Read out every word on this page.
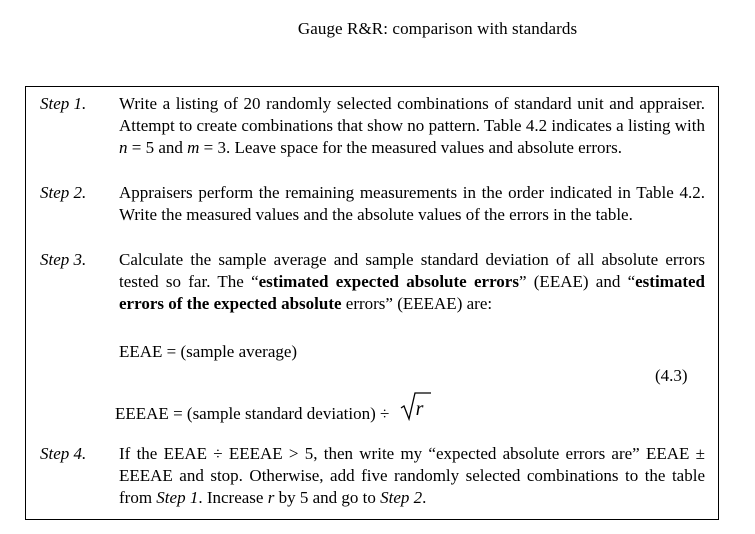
Gauge R&R: comparison with standards
Step 1. Write a listing of 20 randomly selected combinations of standard unit and appraiser. Attempt to create combinations that show no pattern. Table 4.2 indicates a listing with n = 5 and m = 3. Leave space for the measured values and absolute errors.
Step 2. Appraisers perform the remaining measurements in the order indicated in Table 4.2. Write the measured values and the absolute values of the errors in the table.
Step 3. Calculate the sample average and sample standard deviation of all absolute errors tested so far. The “estimated expected absolute errors” (EEAE) and “estimated errors of the expected absolute errors” (EEEAE) are:
EEAE = (sample average)
(4.3)
EEEAE = (sample standard deviation) ÷ r
Step 4. If the EEAE ÷ EEEAE > 5, then write my “expected absolute errors are” EEAE ± EEEAE and stop. Otherwise, add five randomly selected combinations to the table from Step 1. Increase r by 5 and go to Step 2.
